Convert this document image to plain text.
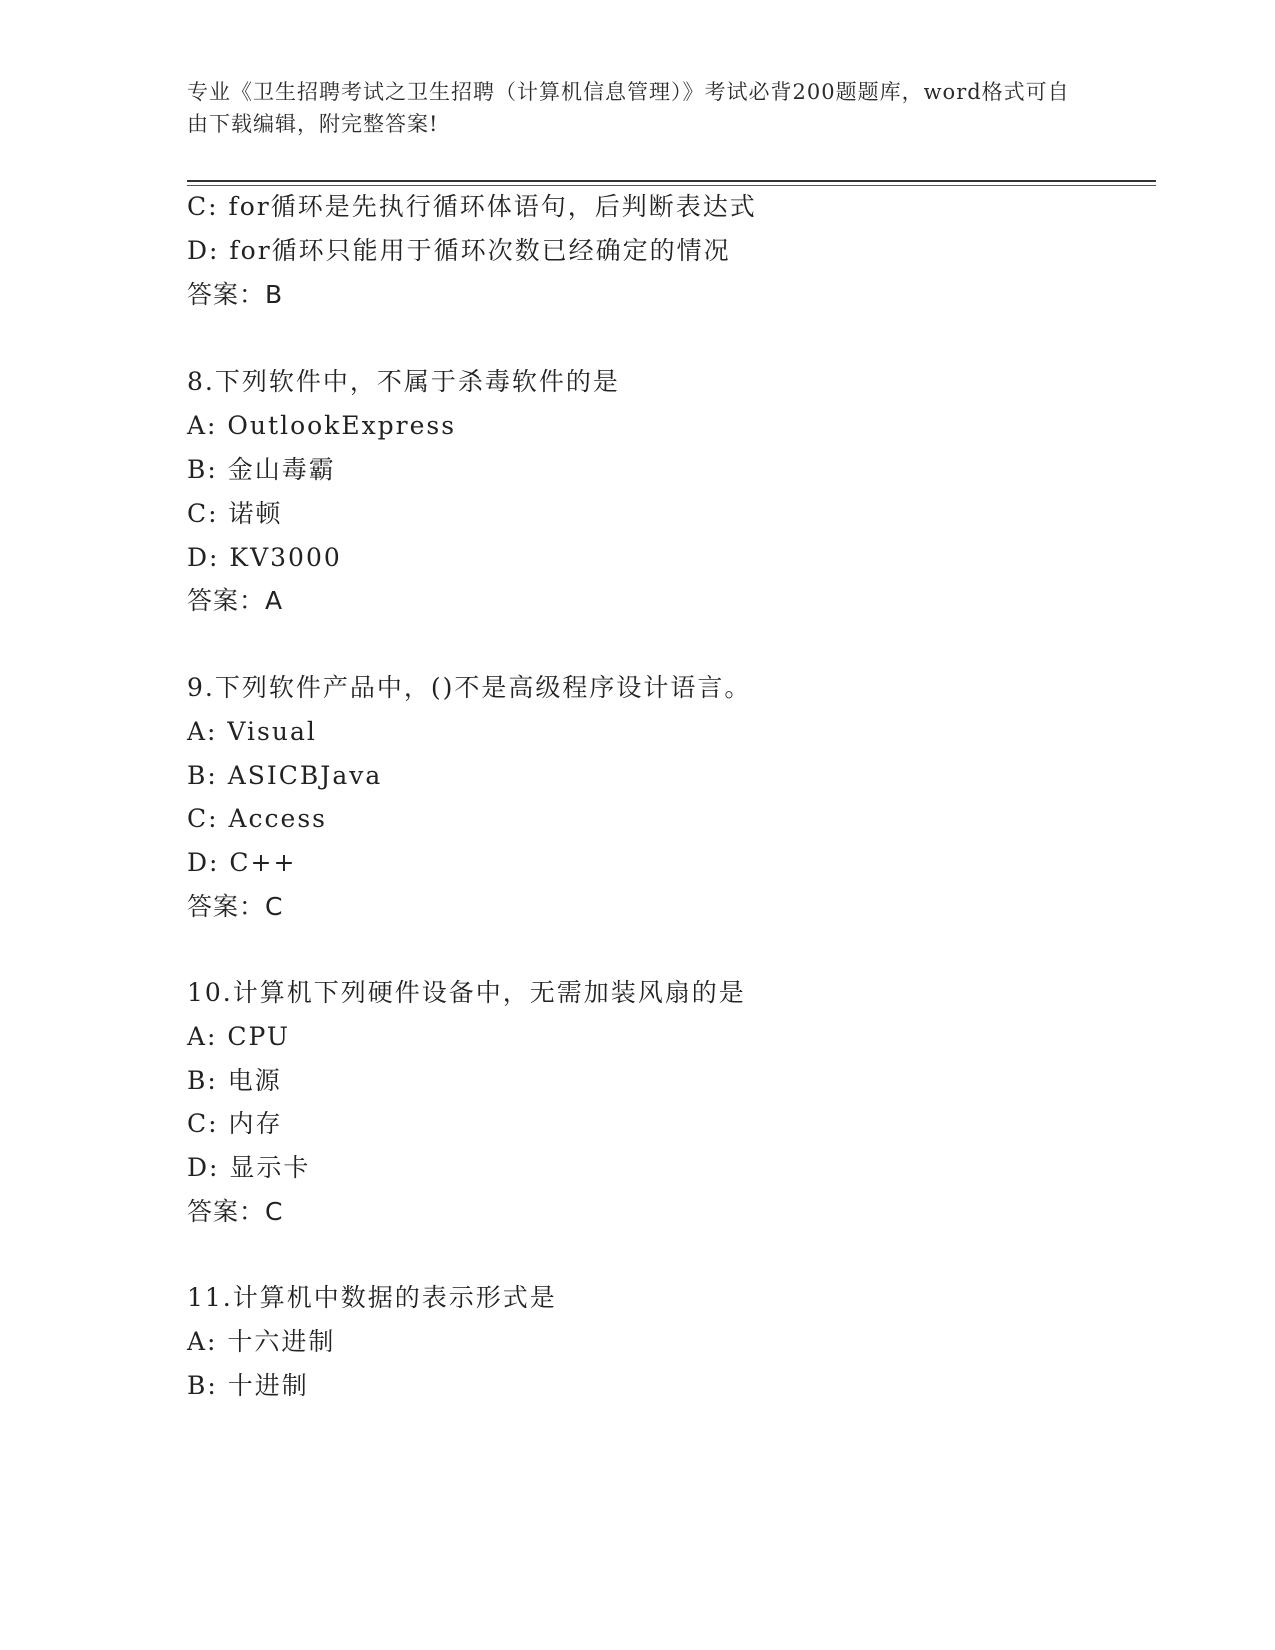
专业《卫生招聘考试之卫生招聘（计算机信息管理）》考试必背200题题库，word格式可自由下载编辑，附完整答案!
C: for循环是先执行循环体语句，后判断表达式
D: for循环只能用于循环次数已经确定的情况
答案：B
8.下列软件中，不属于杀毒软件的是
A: OutlookExpress
B: 金山毒霸
C: 诺顿
D: KV3000
答案：A
9.下列软件产品中，()不是高级程序设计语言。
A: Visual
B: ASICBJava
C: Access
D: C++
答案：C
10.计算机下列硬件设备中，无需加装风扇的是
A: CPU
B: 电源
C: 内存
D: 显示卡
答案：C
11.计算机中数据的表示形式是
A: 十六进制
B: 十进制
